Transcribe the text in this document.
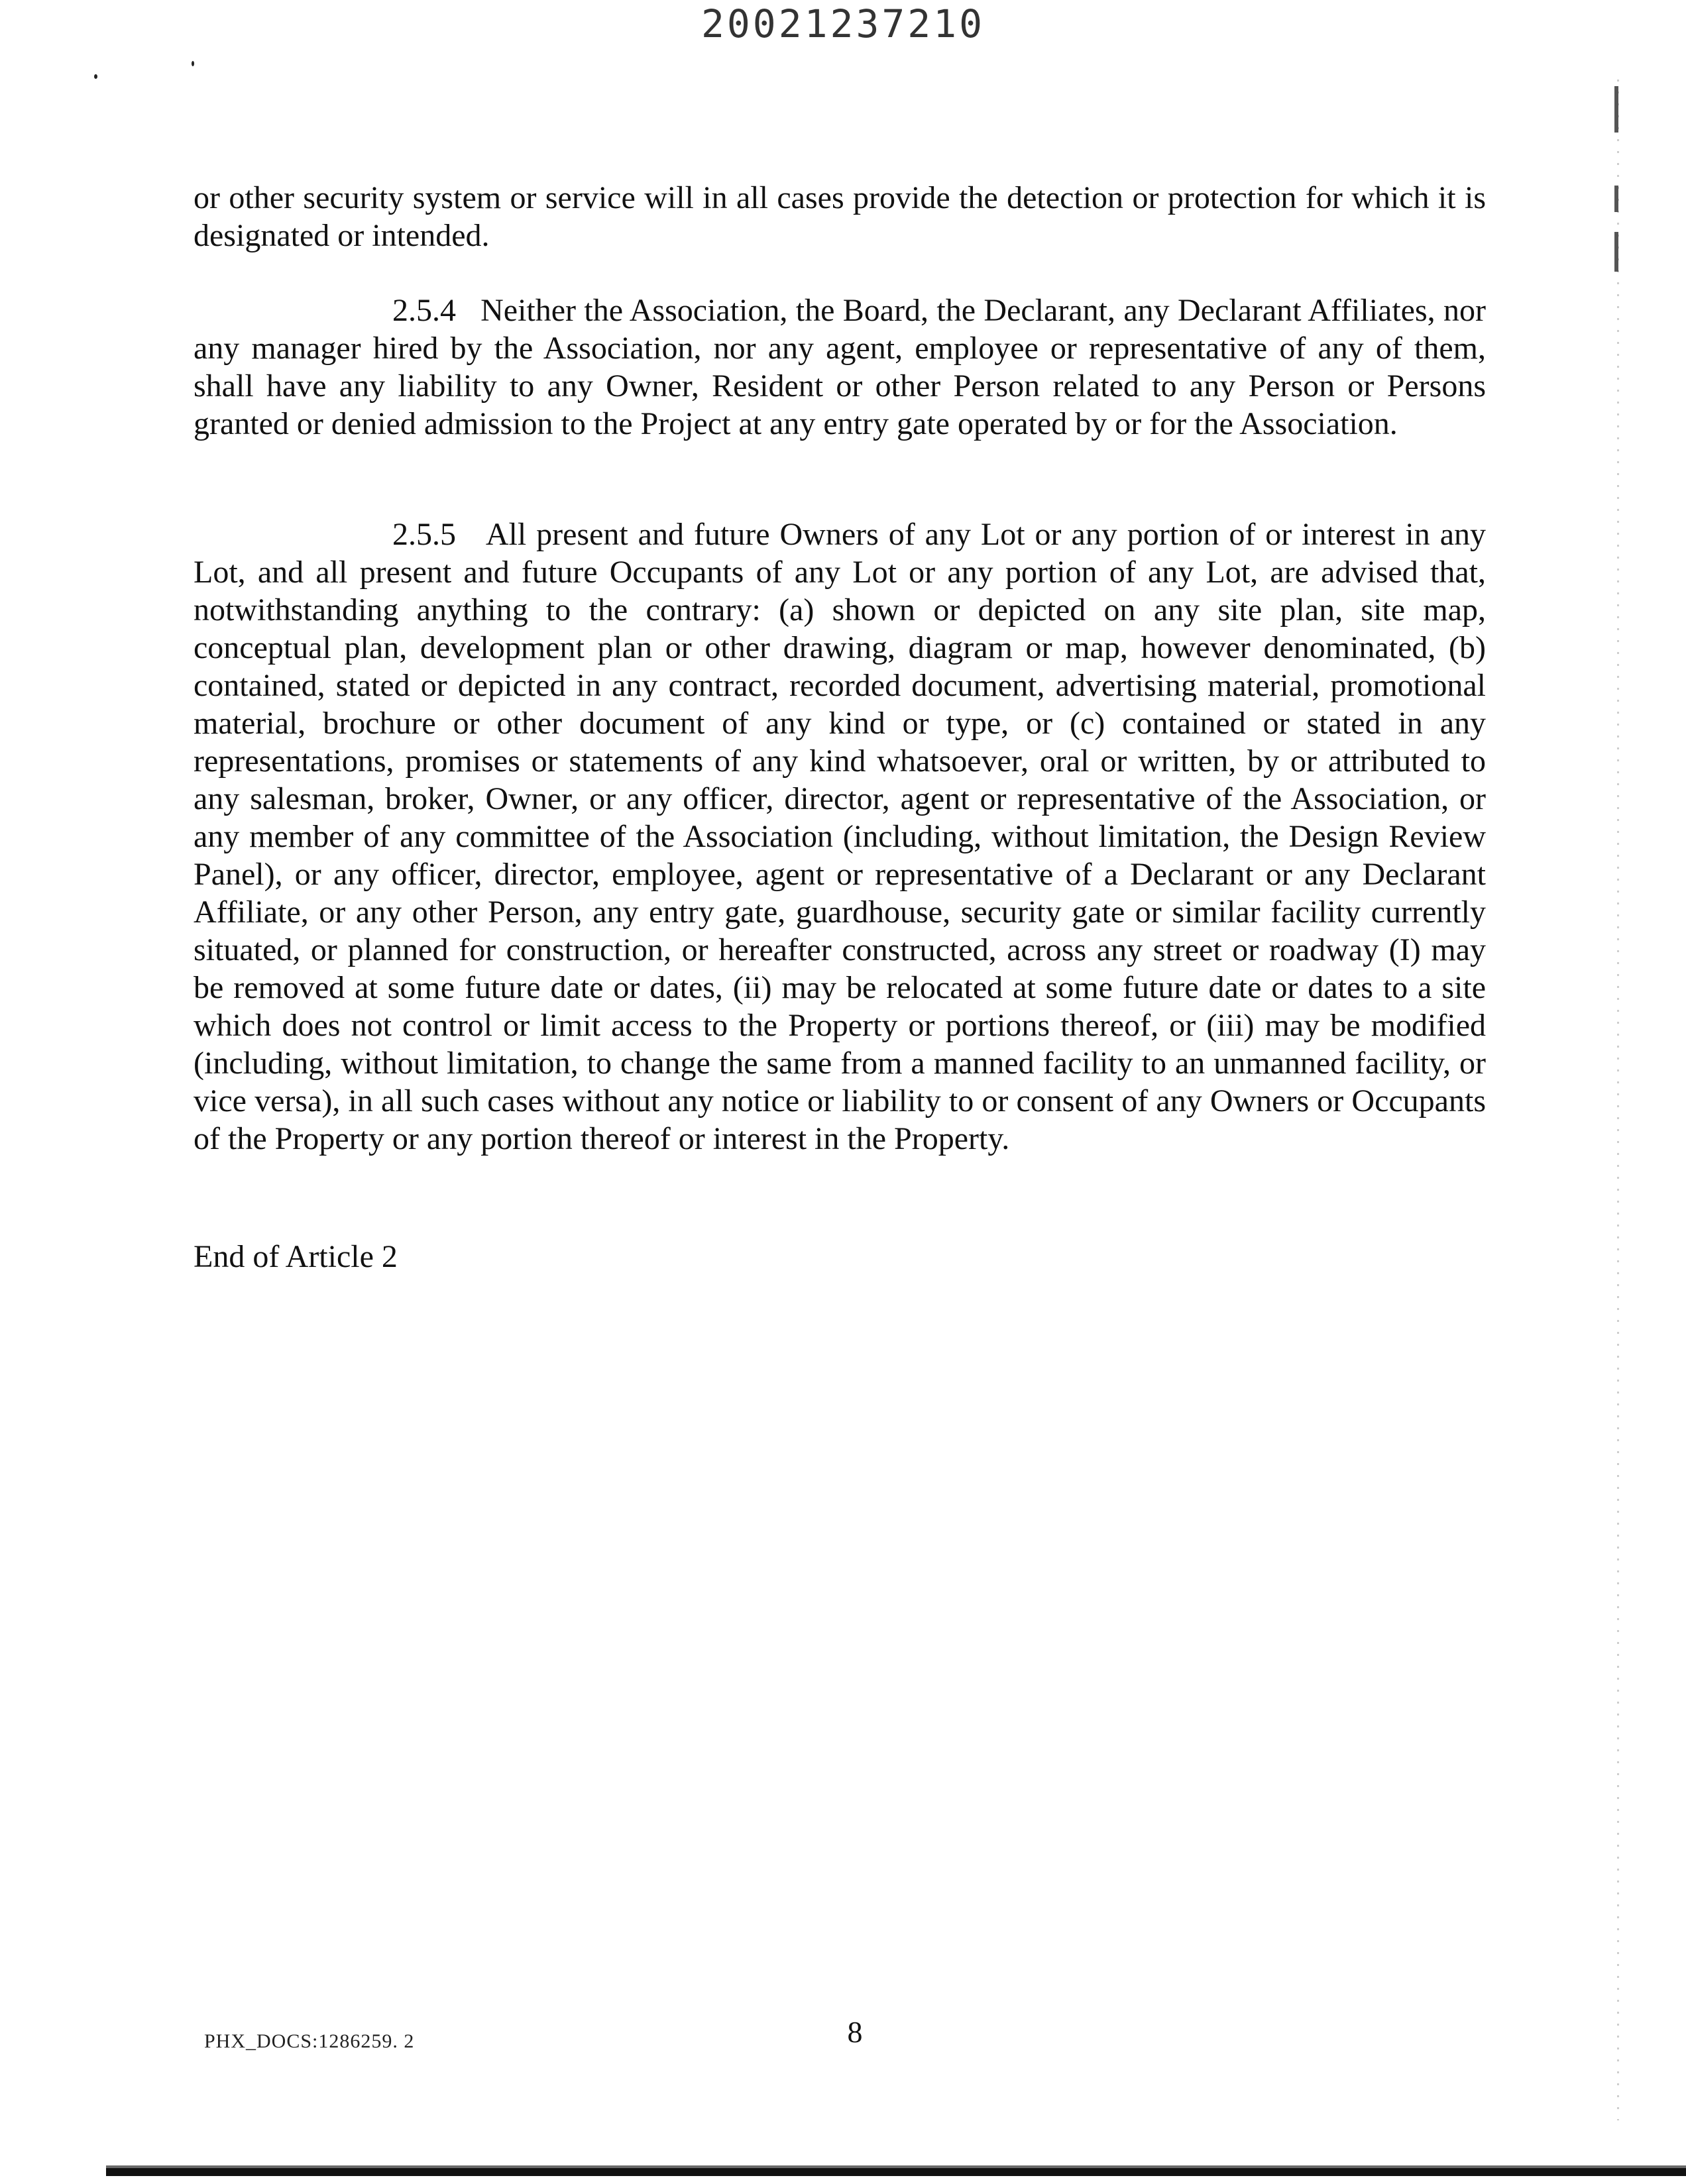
20021237210

or other security system or service will in all cases provide the detection or protection for which it is designated or intended.

2.5.4 Neither the Association, the Board, the Declarant, any Declarant Affiliates, nor any manager hired by the Association, nor any agent, employee or representative of any of them, shall have any liability to any Owner, Resident or other Person related to any Person or Persons granted or denied admission to the Project at any entry gate operated by or for the Association.

2.5.5 All present and future Owners of any Lot or any portion of or interest in any Lot, and all present and future Occupants of any Lot or any portion of any Lot, are advised that, notwithstanding anything to the contrary: (a) shown or depicted on any site plan, site map, conceptual plan, development plan or other drawing, diagram or map, however denominated, (b) contained, stated or depicted in any contract, recorded document, advertising material, promotional material, brochure or other document of any kind or type, or (c) contained or stated in any representations, promises or statements of any kind whatsoever, oral or written, by or attributed to any salesman, broker, Owner, or any officer, director, agent or representative of the Association, or any member of any committee of the Association (including, without limitation, the Design Review Panel), or any officer, director, employee, agent or representative of a Declarant or any Declarant Affiliate, or any other Person, any entry gate, guardhouse, security gate or similar facility currently situated, or planned for construction, or hereafter constructed, across any street or roadway (I) may be removed at some future date or dates, (ii) may be relocated at some future date or dates to a site which does not control or limit access to the Property or portions thereof, or (iii) may be modified (including, without limitation, to change the same from a manned facility to an unmanned facility, or vice versa), in all such cases without any notice or liability to or consent of any Owners or Occupants of the Property or any portion thereof or interest in the Property.

End of Article 2

PHX_DOCS:1286259. 2	8
